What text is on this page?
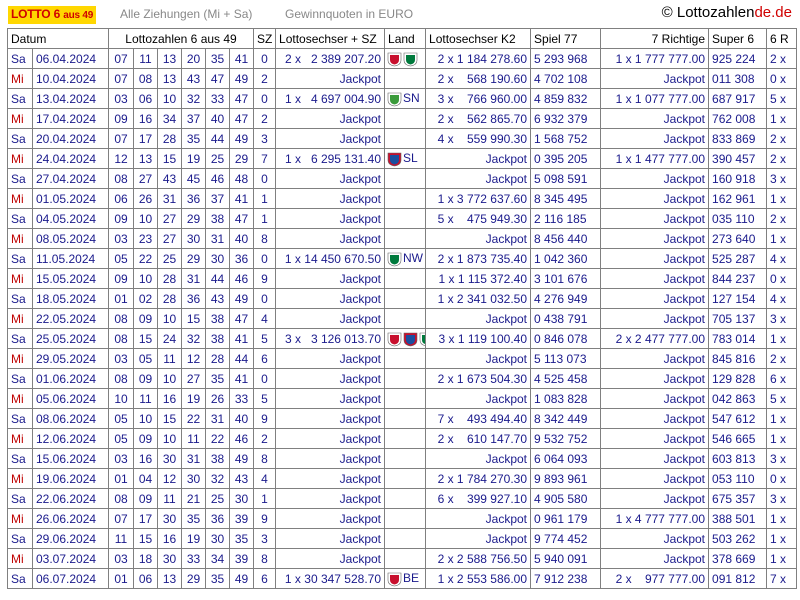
LOTTO 6 aus 49 Alle Ziehungen (Mi + Sa)	Gewinnquoten in EURO	© Lottozahlende.de
Datum		Lottozahlen 6 aus 49						SZ	Lottosechser + SZ	Land	Lottosechser K2	Spiel 77	7 Richtige	Super 6	6 R
Sa	06.04.2024	07	11	13	20	35	41	0	2 x   2 389 207.20		2 x 1 184 278.60	5 293 968	1 x 1 777 777.00	925 224	2 x
Mi	10.04.2024	07	08	13	43	47	49	2	Jackpot		2 x    568 190.60	4 702 108	Jackpot	011 308	0 x
Sa	13.04.2024	03	06	10	32	33	47	0	1 x   4 697 004.90	SN	3 x    766 960.00	4 859 832	1 x 1 077 777.00	687 917	5 x
Mi	17.04.2024	09	16	34	37	40	47	2	Jackpot		2 x    562 865.70	6 932 379	Jackpot	762 008	1 x
Sa	20.04.2024	07	17	28	35	44	49	3	Jackpot		4 x    559 990.30	1 568 752	Jackpot	833 869	2 x
Mi	24.04.2024	12	13	15	19	25	29	7	1 x   6 295 131.40	SL	Jackpot	0 395 205	1 x 1 477 777.00	390 457	2 x
Sa	27.04.2024	08	27	43	45	46	48	0	Jackpot		Jackpot	5 098 591	Jackpot	160 918	3 x
Mi	01.05.2024	06	26	31	36	37	41	1	Jackpot		1 x 3 772 637.60	8 345 495	Jackpot	162 961	1 x
Sa	04.05.2024	09	10	27	29	38	47	1	Jackpot		5 x    475 949.30	2 116 185	Jackpot	035 110	2 x
Mi	08.05.2024	03	23	27	30	31	40	8	Jackpot		Jackpot	8 456 440	Jackpot	273 640	1 x
Sa	11.05.2024	05	22	25	29	30	36	0	1 x 14 450 670.50	NW	2 x 1 873 735.40	1 042 360	Jackpot	525 287	4 x
Mi	15.05.2024	09	10	28	31	44	46	9	Jackpot		1 x 1 115 372.40	3 101 676	Jackpot	844 237	0 x
Sa	18.05.2024	01	02	28	36	43	49	0	Jackpot		1 x 2 341 032.50	4 276 949	Jackpot	127 154	4 x
Mi	22.05.2024	08	09	10	15	38	47	4	Jackpot		Jackpot	0 438 791	Jackpot	705 137	3 x
Sa	25.05.2024	08	15	24	32	38	41	5	3 x   3 126 013.70		3 x 1 119 100.40	0 846 078	2 x 2 477 777.00	783 014	1 x
Mi	29.05.2024	03	05	11	12	28	44	6	Jackpot		Jackpot	5 113 073	Jackpot	845 816	2 x
Sa	01.06.2024	08	09	10	27	35	41	0	Jackpot		2 x 1 673 504.30	4 525 458	Jackpot	129 828	6 x
Mi	05.06.2024	10	11	16	19	26	33	5	Jackpot		Jackpot	1 083 828	Jackpot	042 863	5 x
Sa	08.06.2024	05	10	15	22	31	40	9	Jackpot		7 x    493 494.40	8 342 449	Jackpot	547 612	1 x
Mi	12.06.2024	05	09	10	11	22	46	2	Jackpot		2 x    610 147.70	9 532 752	Jackpot	546 665	1 x
Sa	15.06.2024	03	16	30	31	38	49	8	Jackpot		Jackpot	6 064 093	Jackpot	603 813	3 x
Mi	19.06.2024	01	04	12	30	32	43	4	Jackpot		2 x 1 784 270.30	9 893 961	Jackpot	053 110	0 x
Sa	22.06.2024	08	09	11	21	25	30	1	Jackpot		6 x    399 927.10	4 905 580	Jackpot	675 357	3 x
Mi	26.06.2024	07	17	30	35	36	39	9	Jackpot		Jackpot	0 961 179	1 x 4 777 777.00	388 501	1 x
Sa	29.06.2024	11	15	16	19	30	35	3	Jackpot		Jackpot	9 774 452	Jackpot	503 262	1 x
Mi	03.07.2024	03	18	30	33	34	39	8	Jackpot		2 x 2 588 756.50	5 940 091	Jackpot	378 669	1 x
Sa	06.07.2024	01	06	13	29	35	49	6	1 x 30 347 528.70	BE	1 x 2 553 586.00	7 912 238	2 x    977 777.00	091 812	7 x
